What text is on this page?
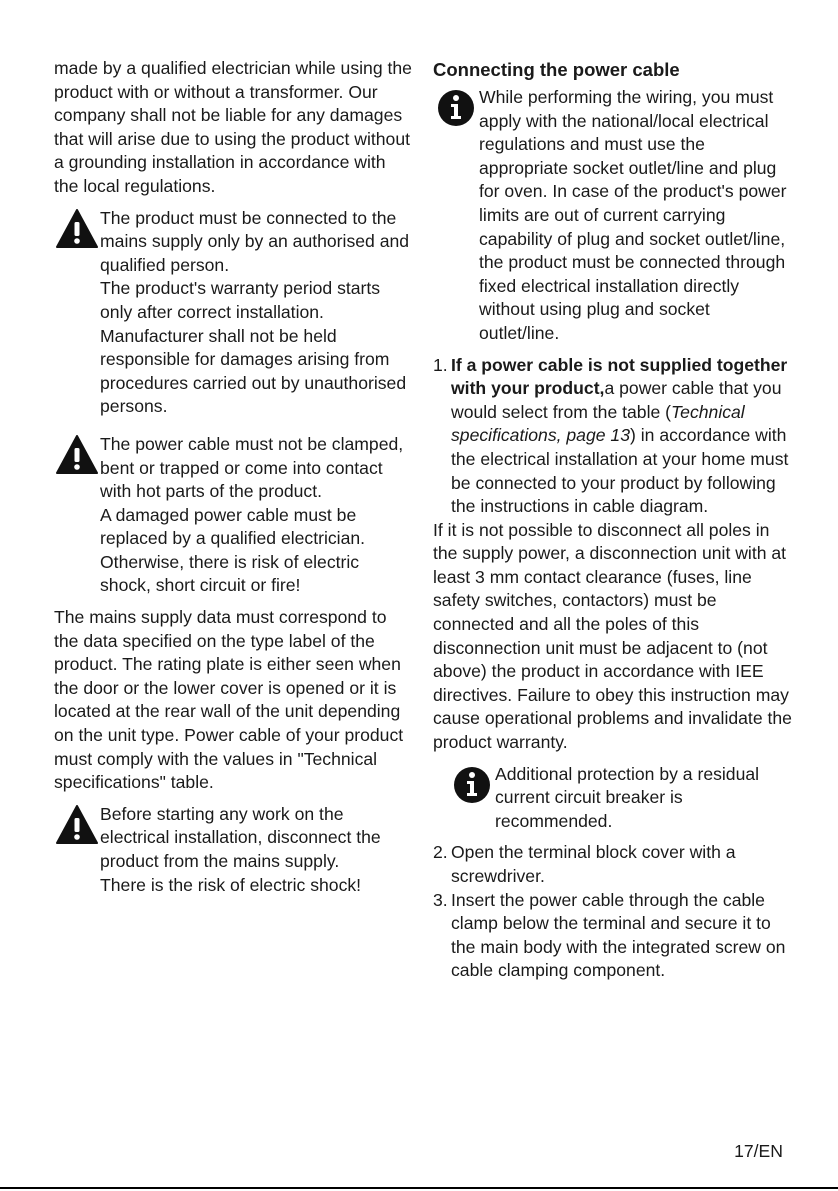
made by a qualified electrician while using the product with or without a transformer. Our company shall not be liable for any damages that will arise due to using the product without a grounding installation in accordance with the local regulations.

The product must be connected to the mains supply only by an authorised and qualified person.
The product's warranty period starts only after correct installation.
Manufacturer shall not be held responsible for damages arising from procedures carried out by unauthorised persons.
The power cable must not be clamped, bent or trapped or come into contact with hot parts of the product.
A damaged power cable must be replaced by a qualified electrician. Otherwise, there is risk of electric shock, short circuit or fire!

The mains supply data must correspond to the data specified on the type label of the product. The rating plate is either seen when the door or the lower cover is opened or it is located at the rear wall of the unit depending on the unit type. Power cable of your product must comply with the values in "Technical specifications" table.

Before starting any work on the electrical installation, disconnect the product from the mains supply.
There is the risk of electric shock!
Connecting the power cable
While performing the wiring, you must apply with the national/local electrical regulations and must use the appropriate socket outlet/line and plug for oven. In case of the product's power limits are out of current carrying capability of plug and socket outlet/line, the product must be connected through fixed electrical installation directly without using plug and socket outlet/line.
1. If a power cable is not supplied together with your product,a power cable that you would select from the table (Technical specifications, page 13) in accordance with the electrical installation at your home must be connected to your product by following the instructions in cable diagram.

If it is not possible to disconnect all poles in the supply power, a disconnection unit with at least 3 mm contact clearance (fuses, line safety switches, contactors) must be connected and all the poles of this disconnection unit must be adjacent to (not above) the product in accordance with IEE directives. Failure to obey this instruction may cause operational problems and invalidate the product warranty.

Additional protection by a residual current circuit breaker is recommended.
2. Open the terminal block cover with a screwdriver.
3. Insert the power cable through the cable clamp below the terminal and secure it to the main body with the integrated screw on cable clamping component.
17/EN
